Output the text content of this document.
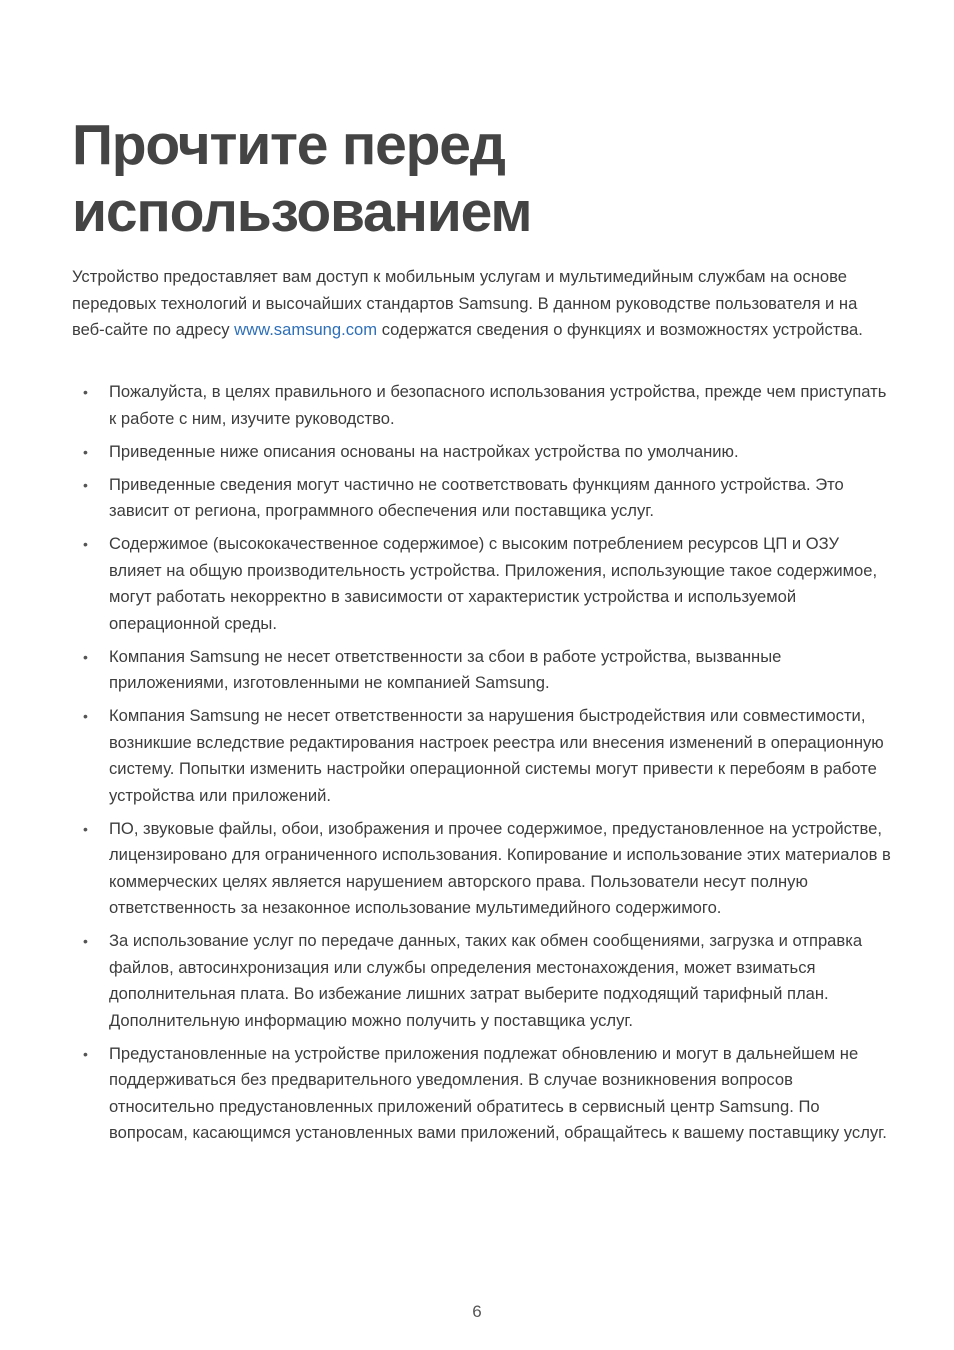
Прочтите перед
использованием

Устройство предоставляет вам доступ к мобильным услугам и мультимедийным службам на основе передовых технологий и высочайших стандартов Samsung. В данном руководстве пользователя и на веб-сайте по адресу www.samsung.com содержатся сведения о функциях и возможностях устройства.

• Пожалуйста, в целях правильного и безопасного использования устройства, прежде чем приступать к работе с ним, изучите руководство.
• Приведенные ниже описания основаны на настройках устройства по умолчанию.
• Приведенные сведения могут частично не соответствовать функциям данного устройства. Это зависит от региона, программного обеспечения или поставщика услуг.
• Содержимое (высококачественное содержимое) с высоким потреблением ресурсов ЦП и ОЗУ влияет на общую производительность устройства. Приложения, использующие такое содержимое, могут работать некорректно в зависимости от характеристик устройства и используемой операционной среды.
• Компания Samsung не несет ответственности за сбои в работе устройства, вызванные приложениями, изготовленными не компанией Samsung.
• Компания Samsung не несет ответственности за нарушения быстродействия или совместимости, возникшие вследствие редактирования настроек реестра или внесения изменений в операционную систему. Попытки изменить настройки операционной системы могут привести к перебоям в работе устройства или приложений.
• ПО, звуковые файлы, обои, изображения и прочее содержимое, предустановленное на устройстве, лицензировано для ограниченного использования. Копирование и использование этих материалов в коммерческих целях является нарушением авторского права. Пользователи несут полную ответственность за незаконное использование мультимедийного содержимого.
• За использование услуг по передаче данных, таких как обмен сообщениями, загрузка и отправка файлов, автосинхронизация или службы определения местонахождения, может взиматься дополнительная плата. Во избежание лишних затрат выберите подходящий тарифный план. Дополнительную информацию можно получить у поставщика услуг.
• Предустановленные на устройстве приложения подлежат обновлению и могут в дальнейшем не поддерживаться без предварительного уведомления. В случае возникновения вопросов относительно предустановленных приложений обратитесь в сервисный центр Samsung. По вопросам, касающимся установленных вами приложений, обращайтесь к вашему поставщику услуг.
6
